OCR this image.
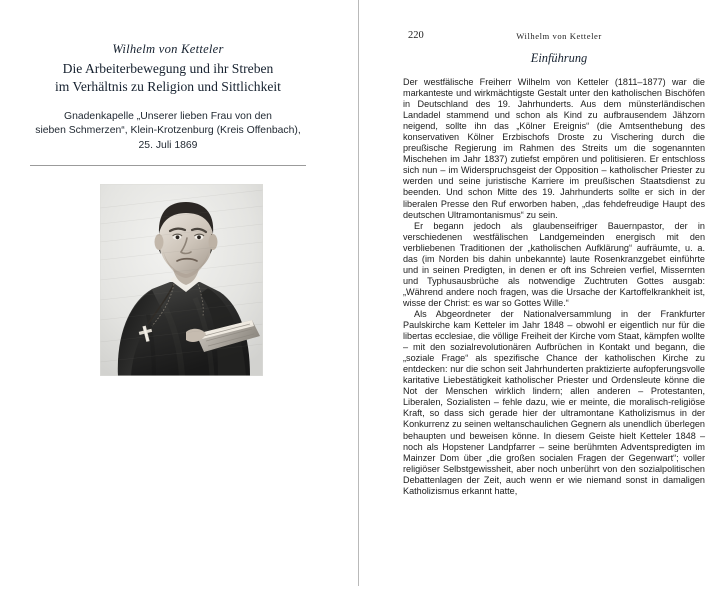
Wilhelm von Ketteler
Die Arbeiterbewegung und ihr Streben
im Verhältnis zu Religion und Sittlichkeit
Gnadenkapelle „Unserer lieben Frau von den
sieben Schmerzen“, Klein-Krotzenburg (Kreis Offenbach),
25. Juli 1869
220	Wilhelm von Ketteler
Einführung

Der westfälische Freiherr Wilhelm von Ketteler (1811–1877) war die markanteste und wirkmächtigste Gestalt unter den katholischen Bischöfen in Deutschland des 19. Jahrhunderts. Aus dem münsterländischen Landadel stammend und schon als Kind zu aufbrausendem Jähzorn neigend, sollte ihn das „Kölner Ereignis“ (die Amtsenthebung des konservativen Kölner Erzbischofs Droste zu Vischering durch die preußische Regierung im Rahmen des Streits um die sogenannten Mischehen im Jahr 1837) zutiefst empören und politisieren. Er entschloss sich nun – im Widerspruchsgeist der Opposition – katholischer Priester zu werden und seine juristische Karriere im preußischen Staatsdienst zu beenden. Und schon Mitte des 19. Jahrhunderts sollte er sich in der liberalen Presse den Ruf erworben haben, „das fehdefreudige Haupt des deutschen Ultramontanismus“ zu sein.

Er begann jedoch als glaubenseifriger Bauernpastor, der in verschiedenen westfälischen Landgemeinden energisch mit den verbliebenen Traditionen der „katholischen Aufklärung“ aufräumte, u. a. das (im Norden bis dahin unbekannte) laute Rosenkranzgebet einführte und in seinen Predigten, in denen er oft ins Schreien verfiel, Missernten und Typhusausbrüche als notwendige Zuchtruten Gottes ausgab: „Während andere noch fragen, was die Ursache der Kartoffelkrankheit ist, wisse der Christ: es war so Gottes Wille.“

Als Abgeordneter der Nationalversammlung in der Frankfurter Paulskirche kam Ketteler im Jahr 1848 – obwohl er eigentlich nur für die libertas ecclesiae, die völlige Freiheit der Kirche vom Staat, kämpfen wollte – mit den sozialrevolutionären Aufbrüchen in Kontakt und begann, die „soziale Frage“ als spezifische Chance der katholischen Kirche zu entdecken: nur die schon seit Jahrhunderten praktizierte aufopferungsvolle karitative Liebestätigkeit katholischer Priester und Ordensleute könne die Not der Menschen wirklich lindern; allen anderen – Protestanten, Liberalen, Sozialisten – fehle dazu, wie er meinte, die moralisch-religiöse Kraft, so dass sich gerade hier der ultramontane Katholizismus in der Konkurrenz zu seinen weltanschaulichen Gegnern als unendlich überlegen behaupten und beweisen könne. In diesem Geiste hielt Ketteler 1848 – noch als Hopstener Landpfarrer – seine berühmten Adventspredigten im Mainzer Dom über „die großen socialen Fragen der Gegenwart“; voller religiöser Selbstgewissheit, aber noch unberührt von den sozialpolitischen Debattenlagen der Zeit, auch wenn er wie niemand sonst in damaligen Katholizismus erkannt hatte,
